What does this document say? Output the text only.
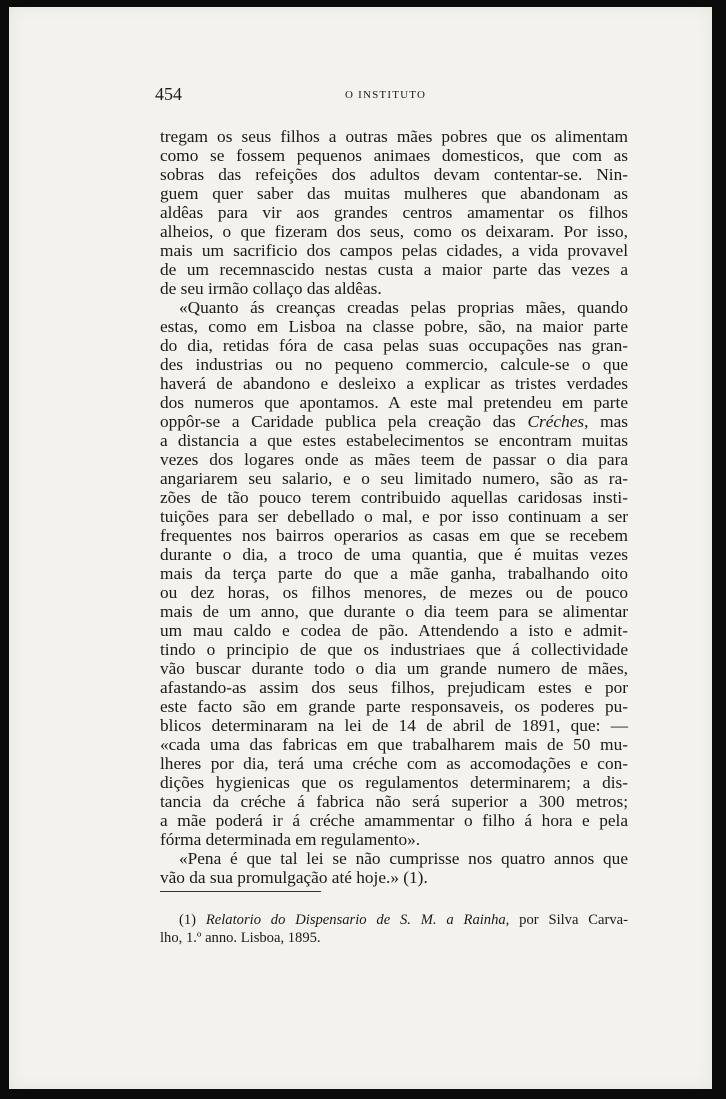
454	O INSTITUTO
tregam os seus filhos a outras mães pobres que os alimentam
como se fossem pequenos animaes domesticos, que com as
sobras das refeições dos adultos devam contentar-se. Nin-
guem quer saber das muitas mulheres que abandonam as
aldêas para vir aos grandes centros amamentar os filhos
alheios, o que fizeram dos seus, como os deixaram. Por isso,
mais um sacrificio dos campos pelas cidades, a vida provavel
de um recemnascido nestas custa a maior parte das vezes a
de seu irmão collaço das aldêas.
«Quanto ás creanças creadas pelas proprias mães, quando
estas, como em Lisboa na classe pobre, são, na maior parte
do dia, retidas fóra de casa pelas suas occupações nas gran-
des industrias ou no pequeno commercio, calcule-se o que
haverá de abandono e desleixo a explicar as tristes verdades
dos numeros que apontamos. A este mal pretendeu em parte
oppôr-se a Caridade publica pela creação das Créches, mas
a distancia a que estes estabelecimentos se encontram muitas
vezes dos logares onde as mães teem de passar o dia para
angariarem seu salario, e o seu limitado numero, são as ra-
zões de tão pouco terem contribuido aquellas caridosas insti-
tuições para ser debellado o mal, e por isso continuam a ser
frequentes nos bairros operarios as casas em que se recebem
durante o dia, a troco de uma quantia, que é muitas vezes
mais da terça parte do que a mãe ganha, trabalhando oito
ou dez horas, os filhos menores, de mezes ou de pouco
mais de um anno, que durante o dia teem para se alimentar
um mau caldo e codea de pão. Attendendo a isto e admit-
tindo o principio de que os industriaes que á collectividade
vão buscar durante todo o dia um grande numero de mães,
afastando-as assim dos seus filhos, prejudicam estes e por
este facto são em grande parte responsaveis, os poderes pu-
blicos determinaram na lei de 14 de abril de 1891, que: —
«cada uma das fabricas em que trabalharem mais de 50 mu-
lheres por dia, terá uma créche com as accomodações e con-
dições hygienicas que os regulamentos determinarem; a dis-
tancia da créche á fabrica não será superior a 300 metros;
a mãe poderá ir á créche amammentar o filho á hora e pela
fórma determinada em regulamento».
«Pena é que tal lei se não cumprisse nos quatro annos que
vão da sua promulgação até hoje.» (1).
(1) Relatorio do Dispensario de S. M. a Rainha, por Silva Carva-
lho, 1.º anno. Lisboa, 1895.
